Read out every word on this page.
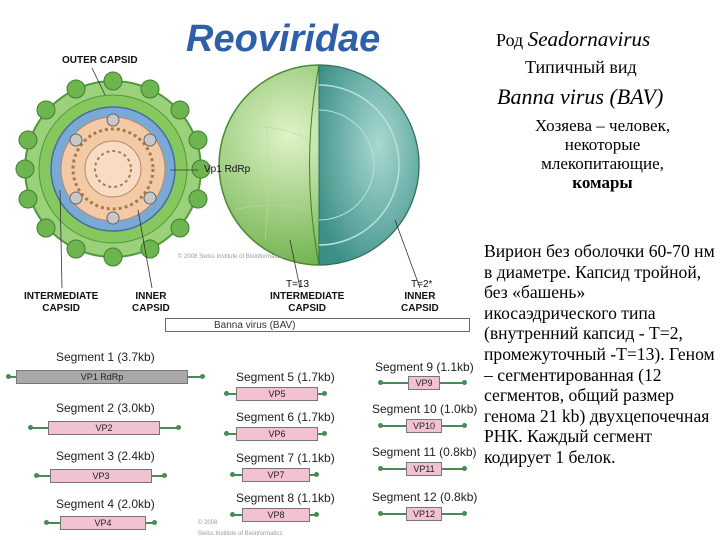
Reoviridae	Род Seadornavirus
Типичный вид
Banna virus (BAV)
Хозяева – человек,
некоторые
млекопитающие,
комары
Вирион без оболочки 60-70 нм в диаметре. Капсид тройной, без «башень» икосаэдрического типа (внутренний капсид - T=2, промежуточный -T=13). Геном – сегментированная (12 сегментов, общий размер генома 21 kb) двухцепочечная РНК. Каждый сегмент кодирует 1 белок.
OUTER CAPSID
Vp1 RdRp
© 2008 Swiss Institute of Bioinformatics
INTERMEDIATE
CAPSID
INNER
CAPSID
T=13	T=2*
INTERMEDIATE
CAPSID
INNER
CAPSID
Banna virus (BAV)
Segment 1 (3.7kb)
VP1 RdRp
Segment 2 (3.0kb)
VP2
Segment 3 (2.4kb)
VP3
Segment 4 (2.0kb)
VP4
Segment 5 (1.7kb)
VP5
Segment 6 (1.7kb)
VP6
Segment 7 (1.1kb)
VP7
Segment 8 (1.1kb)
VP8
Segment 9 (1.1kb)
VP9
Segment 10 (1.0kb)
VP10
Segment 11 (0.8kb)
VP11
Segment 12 (0.8kb)
VP12
© 2008
Swiss Institute of Bioinformatics
